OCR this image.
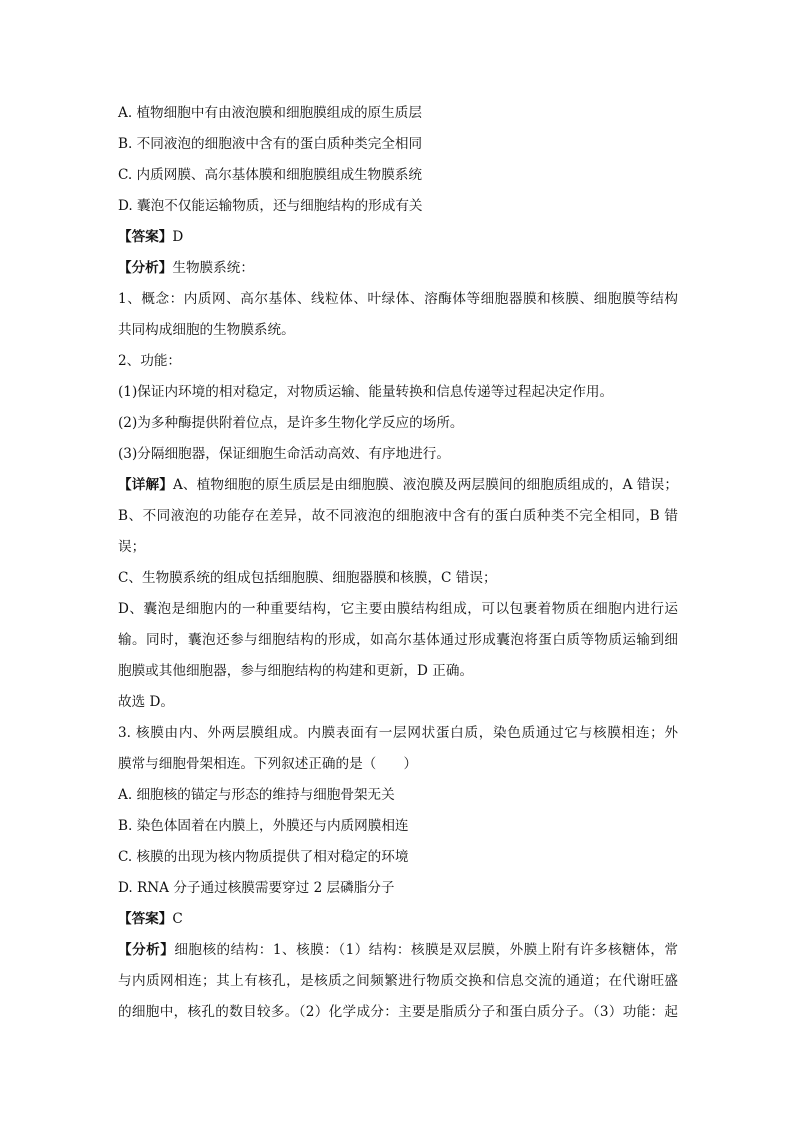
A. 植物细胞中有由液泡膜和细胞膜组成的原生质层
B. 不同液泡的细胞液中含有的蛋白质种类完全相同
C. 内质网膜、高尔基体膜和细胞膜组成生物膜系统
D. 囊泡不仅能运输物质，还与细胞结构的形成有关
【答案】D
【分析】生物膜系统：
1、概念：内质网、高尔基体、线粒体、叶绿体、溶酶体等细胞器膜和核膜、细胞膜等结构
共同构成细胞的生物膜系统。
2、功能：
(1)保证内环境的相对稳定，对物质运输、能量转换和信息传递等过程起决定作用。
(2)为多种酶提供附着位点，是许多生物化学反应的场所。
(3)分隔细胞器，保证细胞生命活动高效、有序地进行。
【详解】A、植物细胞的原生质层是由细胞膜、液泡膜及两层膜间的细胞质组成的，A 错误；
B、不同液泡的功能存在差异，故不同液泡的细胞液中含有的蛋白质种类不完全相同，B 错
误；
C、生物膜系统的组成包括细胞膜、细胞器膜和核膜，C 错误；
D、囊泡是细胞内的一种重要结构，它主要由膜结构组成，可以包裹着物质在细胞内进行运
输。同时，囊泡还参与细胞结构的形成，如高尔基体通过形成囊泡将蛋白质等物质运输到细
胞膜或其他细胞器，参与细胞结构的构建和更新，D 正确。
故选 D。
3. 核膜由内、外两层膜组成。内膜表面有一层网状蛋白质，染色质通过它与核膜相连；外
膜常与细胞骨架相连。下列叙述正确的是（　　）
A. 细胞核的锚定与形态的维持与细胞骨架无关
B. 染色体固着在内膜上，外膜还与内质网膜相连
C. 核膜的出现为核内物质提供了相对稳定的环境
D. RNA 分子通过核膜需要穿过 2 层磷脂分子
【答案】C
【分析】细胞核的结构：1、核膜：（1）结构：核膜是双层膜，外膜上附有许多核糖体，常
与内质网相连；其上有核孔，是核质之间频繁进行物质交换和信息交流的通道；在代谢旺盛
的细胞中，核孔的数目较多。（2）化学成分：主要是脂质分子和蛋白质分子。（3）功能：起
